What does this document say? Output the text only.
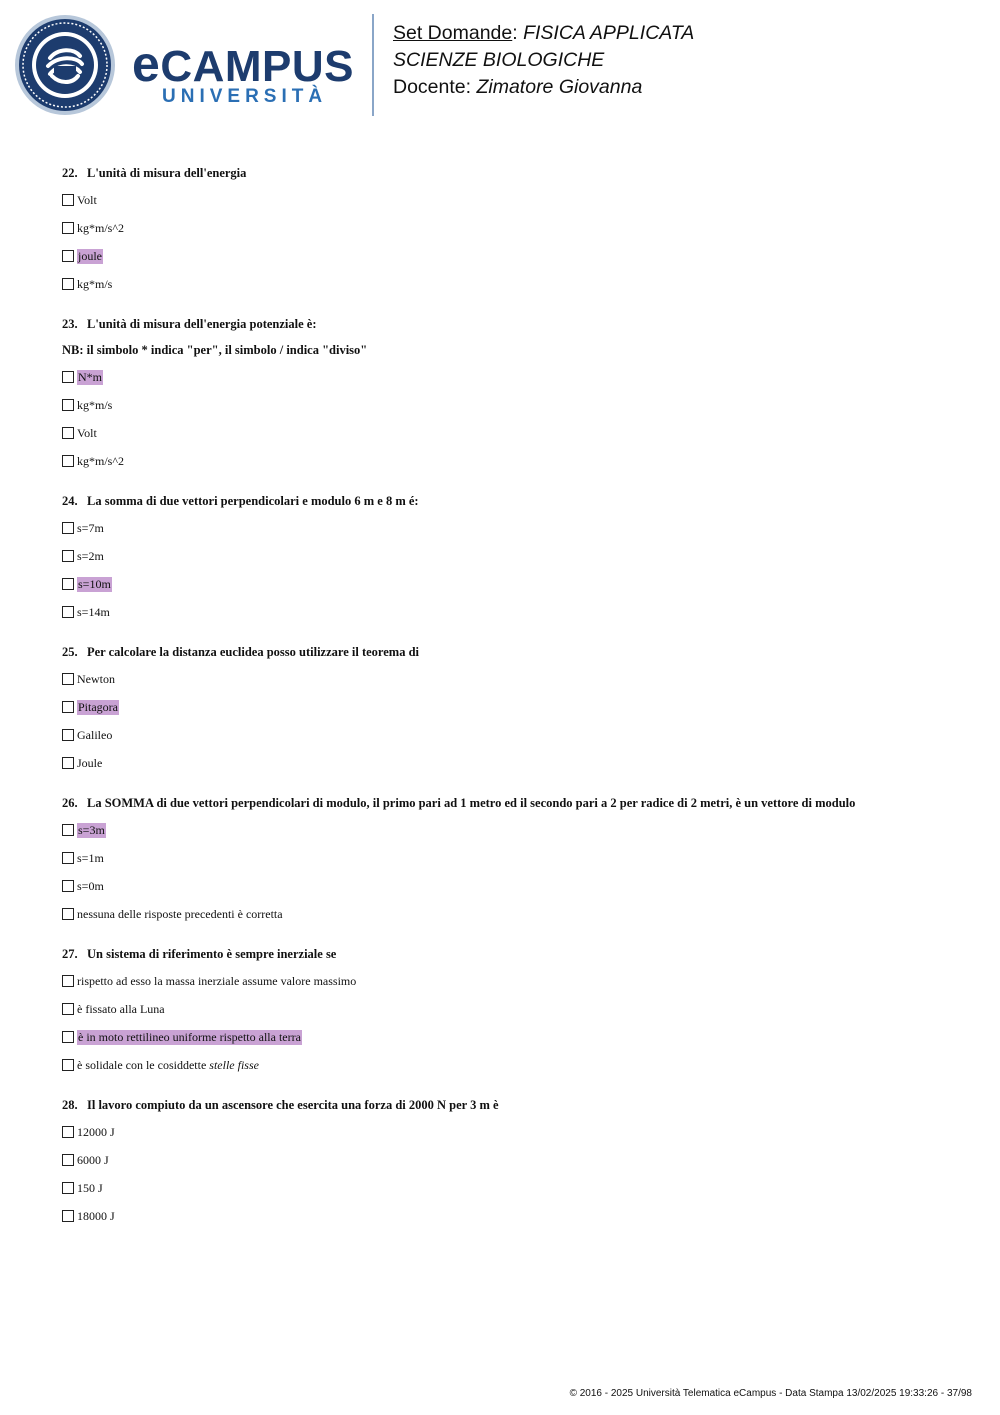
eCAMPUS
UNIVERSITÀ
Set Domande: FISICA APPLICATA
SCIENZE BIOLOGICHE
Docente: Zimatore Giovanna

22. L'unità di misura dell'energia

Volt
kg*m/s^2
joule
kg*m/s

23. L'unità di misura dell'energia potenziale è:

NB: il simbolo * indica "per", il simbolo / indica "diviso"

N*m
kg*m/s
Volt
kg*m/s^2

24. La somma di due vettori perpendicolari e modulo 6 m e 8 m é:

s=7m
s=2m
s=10m
s=14m

25. Per calcolare la distanza euclidea posso utilizzare il teorema di

Newton
Pitagora
Galileo
Joule

26. La SOMMA di due vettori perpendicolari di modulo, il primo pari ad 1 metro ed il secondo pari a 2 per radice di 2 metri, è un vettore di modulo

s=3m
s=1m
s=0m
nessuna delle risposte precedenti è corretta

27. Un sistema di riferimento è sempre inerziale se

rispetto ad esso la massa inerziale assume valore massimo
è fissato alla Luna
è in moto rettilineo uniforme rispetto alla terra
è solidale con le cosiddette stelle fisse

28. Il lavoro compiuto da un ascensore che esercita una forza di 2000 N per 3 m è

12000 J
6000 J
150 J
18000 J
© 2016 - 2025 Università Telematica eCampus - Data Stampa 13/02/2025 19:33:26 - 37/98
